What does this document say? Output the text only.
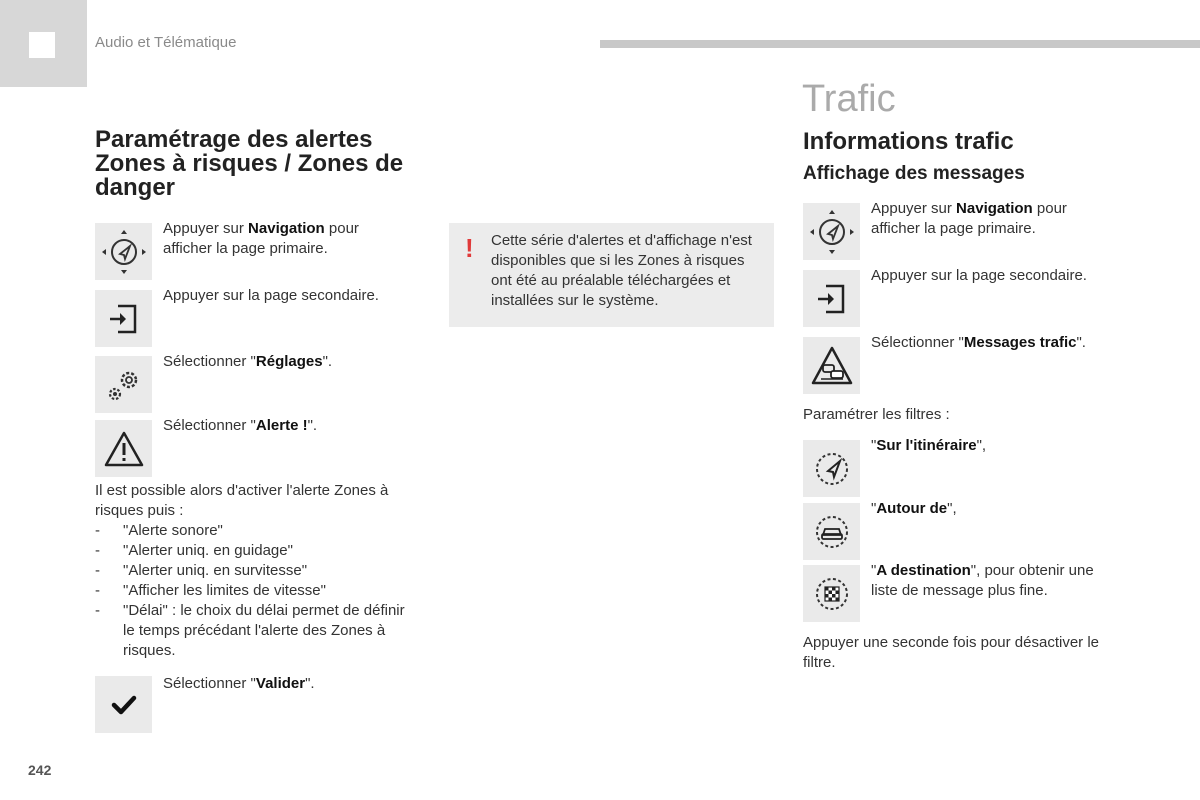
Audio et Télématique
242
Paramétrage des alertes Zones à risques / Zones de danger
Appuyer sur Navigation pour afficher la page primaire.
Appuyer sur la page secondaire.
Sélectionner "Réglages".
Sélectionner "Alerte !".
Il est possible alors d'activer l'alerte Zones à risques puis :
- "Alerte sonore"
- "Alerter uniq. en guidage"
- "Alerter uniq. en survitesse"
- "Afficher les limites de vitesse"
- "Délai" : le choix du délai permet de définir le temps précédant l'alerte des Zones à risques.
Sélectionner "Valider".
! Cette série d'alertes et d'affichage n'est disponibles que si les Zones à risques ont été au préalable téléchargées et installées sur le système.
Trafic
Informations trafic
Affichage des messages
Appuyer sur Navigation pour afficher la page primaire.
Appuyer sur la page secondaire.
Sélectionner "Messages trafic".
Paramétrer les filtres :
"Sur l'itinéraire",
"Autour de",
"A destination", pour obtenir une liste de message plus fine.
Appuyer une seconde fois pour désactiver le filtre.
